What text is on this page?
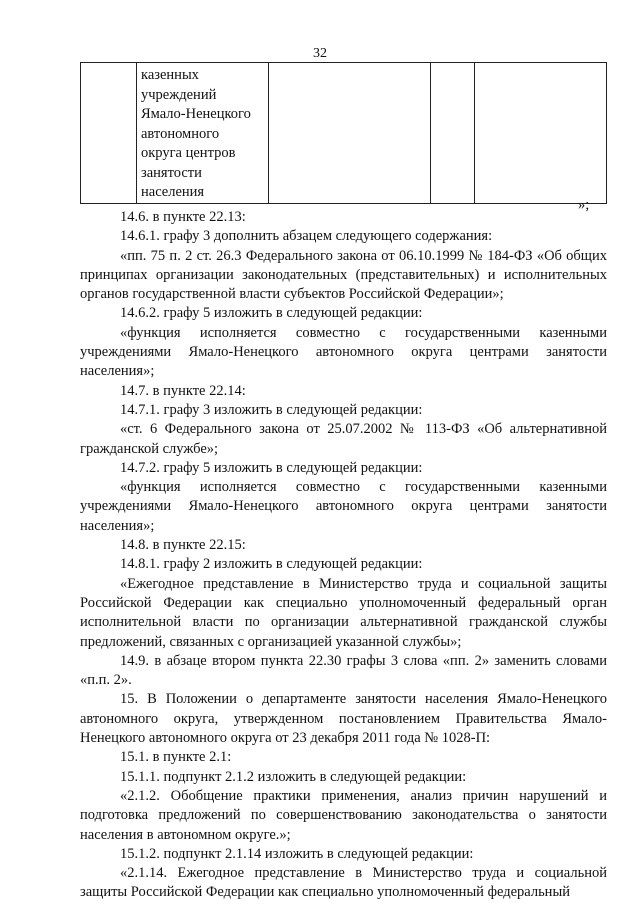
32

казенных
учреждений
Ямало-Ненецкого
автономного
округа центров
занятости
населения

»;

14.6. в пункте 22.13:

14.6.1. графу 3 дополнить абзацем следующего содержания:

«пп. 75 п. 2 ст. 26.3 Федерального закона от 06.10.1999 № 184-ФЗ «Об общих принципах организации законодательных (представительных) и исполнительных органов государственной власти субъектов Российской Федерации»;

14.6.2. графу 5 изложить в следующей редакции:

«функция исполняется совместно с государственными казенными учреждениями Ямало-Ненецкого автономного округа центрами занятости населения»;

14.7. в пункте 22.14:

14.7.1. графу 3 изложить в следующей редакции:

«ст. 6 Федерального закона от 25.07.2002 № 113-ФЗ «Об альтернативной гражданской службе»;

14.7.2. графу 5 изложить в следующей редакции:

«функция исполняется совместно с государственными казенными учреждениями Ямало-Ненецкого автономного округа центрами занятости населения»;

14.8. в пункте 22.15:

14.8.1. графу 2 изложить в следующей редакции:

«Ежегодное представление в Министерство труда и социальной защиты Российской Федерации как специально уполномоченный федеральный орган исполнительной власти по организации альтернативной гражданской службы предложений, связанных с организацией указанной службы»;

14.9. в абзаце втором пункта 22.30 графы 3 слова «пп. 2» заменить словами «п.п. 2».

15. В Положении о департаменте занятости населения Ямало-Ненецкого автономного округа, утвержденном постановлением Правительства Ямало-Ненецкого автономного округа от 23 декабря 2011 года № 1028-П:

15.1. в пункте 2.1:

15.1.1. подпункт 2.1.2 изложить в следующей редакции:

«2.1.2. Обобщение практики применения, анализ причин нарушений и подготовка предложений по совершенствованию законодательства о занятости населения в автономном округе.»;

15.1.2. подпункт 2.1.14 изложить в следующей редакции:

«2.1.14. Ежегодное представление в Министерство труда и социальной защиты Российской Федерации как специально уполномоченный федеральный
